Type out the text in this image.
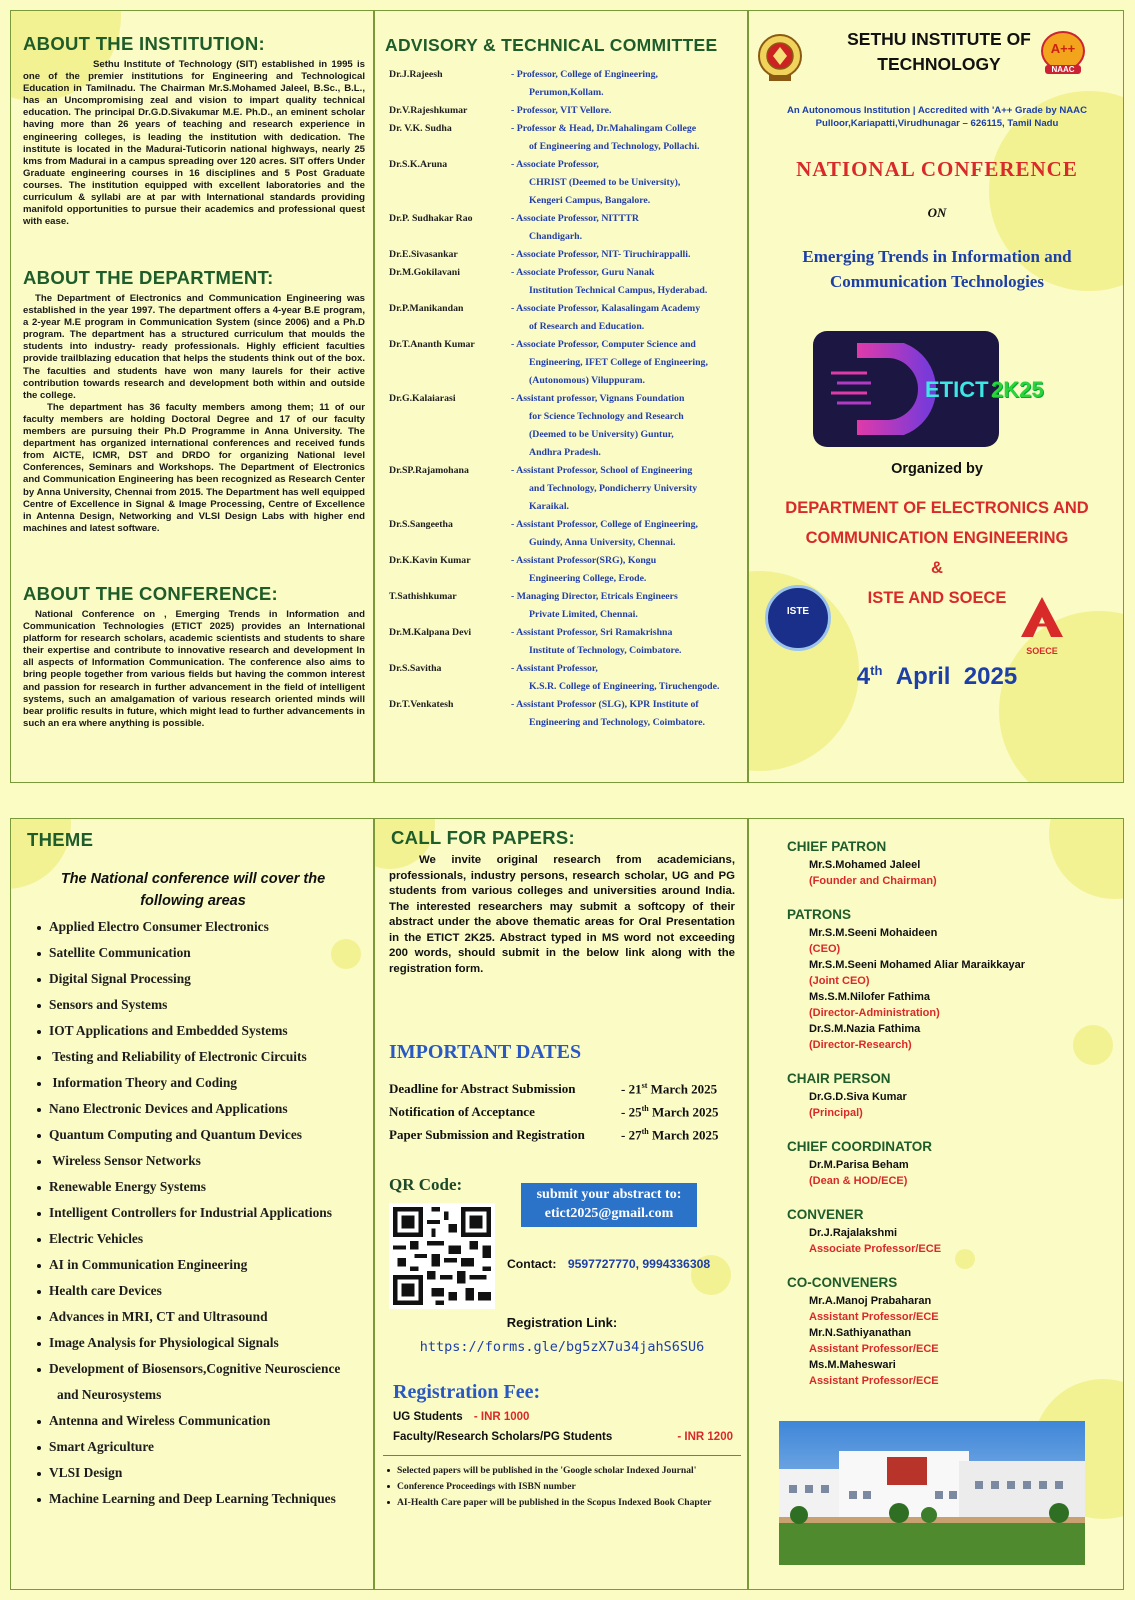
ABOUT THE INSTITUTION:

Sethu Institute of Technology (SIT) established in 1995 is one of the premier institutions for Engineering and Technological Education in Tamilnadu. The Chairman Mr.S.Mohamed Jaleel, B.Sc., B.L., has an Uncompromising zeal and vision to impart quality technical education. The principal Dr.G.D.Sivakumar M.E. Ph.D., an eminent scholar having more than 26 years of teaching and research experience in engineering colleges, is leading the institution with dedication. The institute is located in the Madurai-Tuticorin national highways, nearly 25 kms from Madurai in a campus spreading over 120 acres. SIT offers Under Graduate engineering courses in 16 disciplines and 5 Post Graduate courses. The institution equipped with excellent laboratories and the curriculum & syllabi are at par with International standards providing manifold opportunities to pursue their academics and professional quest with ease.

ABOUT THE DEPARTMENT:

The Department of Electronics and Communication Engineering was established in the year 1997. The department offers a 4-year B.E program, a 2-year M.E program in Communication System (since 2006) and a Ph.D program. The department has a structured curriculum that moulds the students into industry- ready professionals. Highly efficient faculties provide trailblazing education that helps the students think out of the box. The faculties and students have won many laurels for their active contribution towards research and development both within and outside the college.

The department has 36 faculty members among them; 11 of our faculty members are holding Doctoral Degree and 17 of our faculty members are pursuing their Ph.D Programme in Anna University. The department has organized international conferences and received funds from AICTE, ICMR, DST and DRDO for organizing National level Conferences, Seminars and Workshops. The Department of Electronics and Communication Engineering has been recognized as Research Center by Anna University, Chennai from 2015. The Department has well equipped Centre of Excellence in Signal & Image Processing, Centre of Excellence in Antenna Design, Networking and VLSI Design Labs with higher end machines and latest software.

ABOUT THE CONFERENCE:

National Conference on , Emerging Trends in Information and Communication Technologies (ETICT 2025) provides an International platform for research scholars, academic scientists and students to share their expertise and contribute to innovative research and development In all aspects of Information Communication. The conference also aims to bring people together from various fields but having the common interest and passion for research in further advancement in the field of intelligent systems, such an amalgamation of various research oriented minds will bear prolific results in future, which might lead to further advancements in such an era where anything is possible.

ADVISORY & TECHNICAL COMMITTEE
Dr.J.Rajeesh	- Professor, College of Engineering,
Perumon,Kollam.
Dr.V.Rajeshkumar	- Professor, VIT Vellore.
Dr. V.K. Sudha	- Professor & Head, Dr.Mahalingam College
of Engineering and Technology, Pollachi.
Dr.S.K.Aruna	- Associate Professor,
CHRIST (Deemed to be University),
Kengeri Campus, Bangalore.
Dr.P. Sudhakar Rao	- Associate Professor, NITTTR
Chandigarh.
Dr.E.Sivasankar	- Associate Professor, NIT- Tiruchirappalli.
Dr.M.Gokilavani	- Associate Professor, Guru Nanak
Institution Technical Campus, Hyderabad.
Dr.P.Manikandan	- Associate Professor, Kalasalingam Academy
of Research and Education.
Dr.T.Ananth Kumar	- Associate Professor, Computer Science and
Engineering, IFET College of Engineering,
(Autonomous) Viluppuram.
Dr.G.Kalaiarasi	- Assistant professor, Vignans Foundation
for Science Technology and Research
(Deemed to be University) Guntur,
Andhra Pradesh.
Dr.SP.Rajamohana	- Assistant Professor, School of Engineering
and Technology, Pondicherry University
Karaikal.
Dr.S.Sangeetha	- Assistant Professor, College of Engineering,
Guindy, Anna University, Chennai.
Dr.K.Kavin Kumar	- Assistant Professor(SRG), Kongu
Engineering College, Erode.
T.Sathishkumar	- Managing Director, Etricals Engineers
Private Limited, Chennai.
Dr.M.Kalpana Devi	- Assistant Professor, Sri Ramakrishna
Institute of Technology, Coimbatore.
Dr.S.Savitha	- Assistant Professor,
K.S.R. College of Engineering, Tiruchengode.
Dr.T.Venkatesh	- Assistant Professor (SLG), KPR Institute of
Engineering and Technology, Coimbatore.
SETHU INSTITUTE OF
TECHNOLOGY
A++
NAAC
An Autonomous Institution | Accredited with 'A++ Grade by NAAC
Pulloor,Kariapatti,Virudhunagar – 626115, Tamil Nadu
NATIONAL CONFERENCE
ON
Emerging Trends in Information and
Communication Technologies
ETICT 2K25
Organized by
DEPARTMENT OF ELECTRONICS AND
COMMUNICATION ENGINEERING
&
ISTE AND SOECE
ISTE
SOECE
4th April  2025
THEME
The National conference will cover the
following areas
Applied Electro Consumer Electronics
Satellite Communication
Digital Signal Processing
Sensors and Systems
IOT Applications and Embedded Systems
Testing and Reliability of Electronic Circuits
Information Theory and Coding
Nano Electronic Devices and Applications
Quantum Computing and Quantum Devices
Wireless Sensor Networks
Renewable Energy Systems
Intelligent Controllers for Industrial Applications
Electric Vehicles
AI in Communication Engineering
Health care Devices
Advances in MRI, CT and Ultrasound
Image Analysis for Physiological Signals
Development of Biosensors,Cognitive Neuroscience
and Neurosystems
Antenna and Wireless Communication
Smart Agriculture
VLSI Design
Machine Learning and Deep Learning Techniques
CALL FOR PAPERS:

We invite original research from academicians, professionals, industry persons, research scholar, UG and PG students from various colleges and universities around India. The interested researchers may submit a softcopy of their abstract under the above thematic areas for Oral Presentation in the ETICT 2K25. Abstract typed in MS word not exceeding 200 words, should submit in the below link along with the registration form.

IMPORTANT DATES
Deadline for Abstract Submission	- 21st March 2025
Notification of Acceptance	- 25th March 2025
Paper Submission and Registration	- 27th March 2025
QR Code:
submit your abstract to:
etict2025@gmail.com
Contact: 9597727770, 9994336308
Registration Link:
https://forms.gle/bg5zX7u34jahS6SU6
Registration Fee:
UG Students - INR 1000
Faculty/Research Scholars/PG Students	- INR 1200
Selected papers will be published in the 'Google scholar Indexed Journal'
Conference Proceedings with ISBN number
AI-Health Care paper will be published in the Scopus Indexed Book Chapter
CHIEF PATRON
Mr.S.Mohamed Jaleel
(Founder and Chairman)
PATRONS
Mr.S.M.Seeni Mohaideen
(CEO)
Mr.S.M.Seeni Mohamed Aliar Maraikkayar
(Joint CEO)
Ms.S.M.Nilofer Fathima
(Director-Administration)
Dr.S.M.Nazia Fathima
(Director-Research)
CHAIR PERSON
Dr.G.D.Siva Kumar
(Principal)
CHIEF COORDINATOR
Dr.M.Parisa Beham
(Dean & HOD/ECE)
CONVENER
Dr.J.Rajalakshmi
Associate Professor/ECE
CO-CONVENERS
Mr.A.Manoj Prabaharan
Assistant Professor/ECE
Mr.N.Sathiyanathan
Assistant Professor/ECE
Ms.M.Maheswari
Assistant Professor/ECE
